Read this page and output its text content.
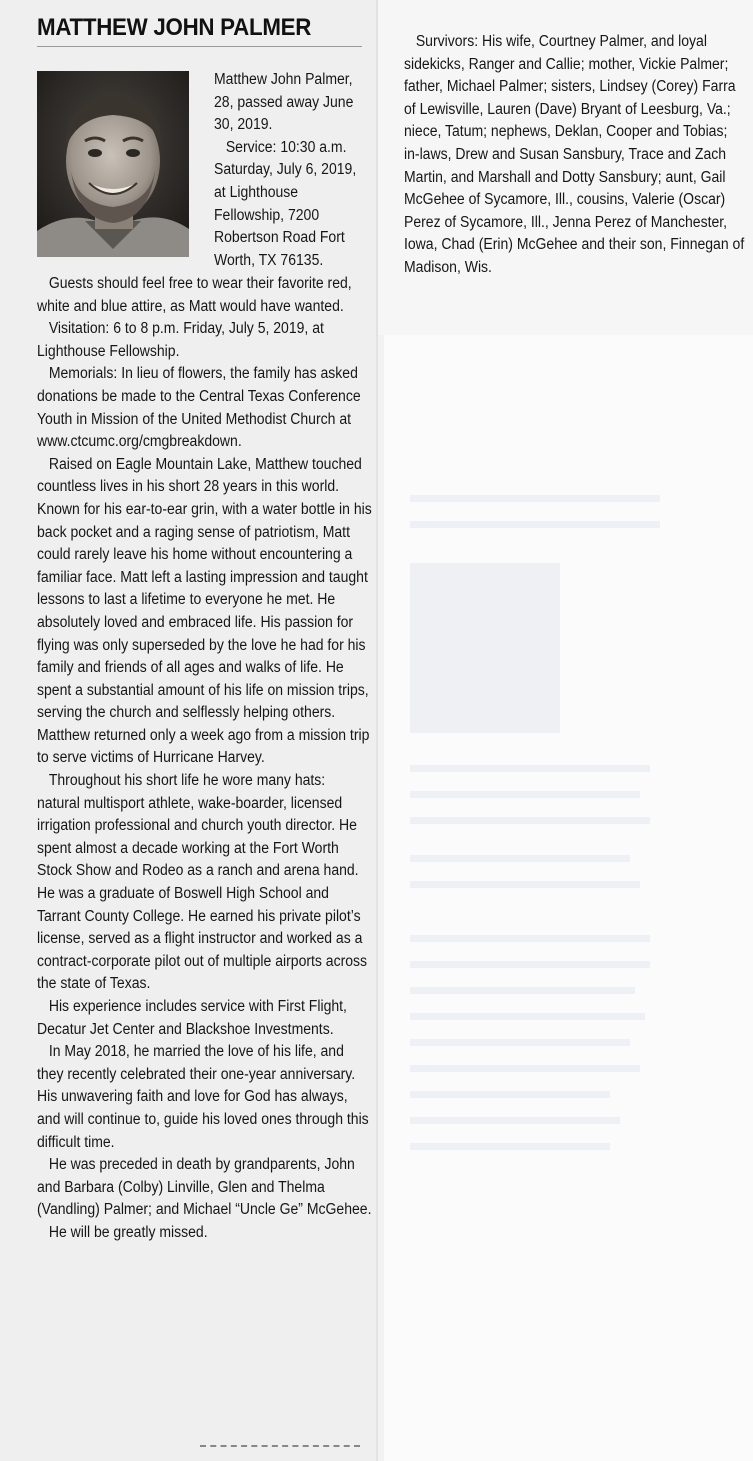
MATTHEW JOHN PALMER

Matthew John Palmer, 28, passed away June 30, 2019.

Service: 10:30 a.m. Saturday, July 6, 2019, at Lighthouse Fellowship, 7200 Robertson Road Fort Worth, TX 76135.

Guests should feel free to wear their favorite red, white and blue attire, as Matt would have wanted.

Visitation: 6 to 8 p.m. Friday, July 5, 2019, at Lighthouse Fellowship.

Memorials: In lieu of flowers, the family has asked donations be made to the Central Texas Conference Youth in Mission of the United Methodist Church at www.ctcumc.org/cmgbreakdown.

Raised on Eagle Mountain Lake, Matthew touched countless lives in his short 28 years in this world. Known for his ear-to-ear grin, with a water bottle in his back pocket and a raging sense of patriotism, Matt could rarely leave his home without encountering a familiar face. Matt left a lasting impression and taught lessons to last a lifetime to everyone he met. He absolutely loved and embraced life. His passion for flying was only superseded by the love he had for his family and friends of all ages and walks of life. He spent a substantial amount of his life on mission trips, serving the church and selflessly helping others. Matthew returned only a week ago from a mission trip to serve victims of Hurricane Harvey.

Throughout his short life he wore many hats: natural multisport athlete, wake-boarder, licensed irrigation professional and church youth director. He spent almost a decade working at the Fort Worth Stock Show and Rodeo as a ranch and arena hand. He was a graduate of Boswell High School and Tarrant County College. He earned his private pilot’s license, served as a flight instructor and worked as a contract-corporate pilot out of multiple airports across the state of Texas.

His experience includes service with First Flight, Decatur Jet Center and Blackshoe Investments.

In May 2018, he married the love of his life, and they recently celebrated their one-year anniversary. His unwavering faith and love for God has always, and will continue to, guide his loved ones through this difficult time.

He was preceded in death by grandparents, John and Barbara (Colby) Linville, Glen and Thelma (Vandling) Palmer; and Michael “Uncle Ge” McGehee.

He will be greatly missed.

Survivors: His wife, Courtney Palmer, and loyal sidekicks, Ranger and Callie; mother, Vickie Palmer; father, Michael Palmer; sisters, Lindsey (Corey) Farra of Lewisville, Lauren (Dave) Bryant of Leesburg, Va.; niece, Tatum; nephews, Deklan, Cooper and Tobias; in-laws, Drew and Susan Sansbury, Trace and Zach Martin, and Marshall and Dotty Sansbury; aunt, Gail McGehee of Sycamore, Ill., cousins, Valerie (Oscar) Perez of Sycamore, Ill., Jenna Perez of Manchester, Iowa, Chad (Erin) McGehee and their son, Finnegan of Madison, Wis.
